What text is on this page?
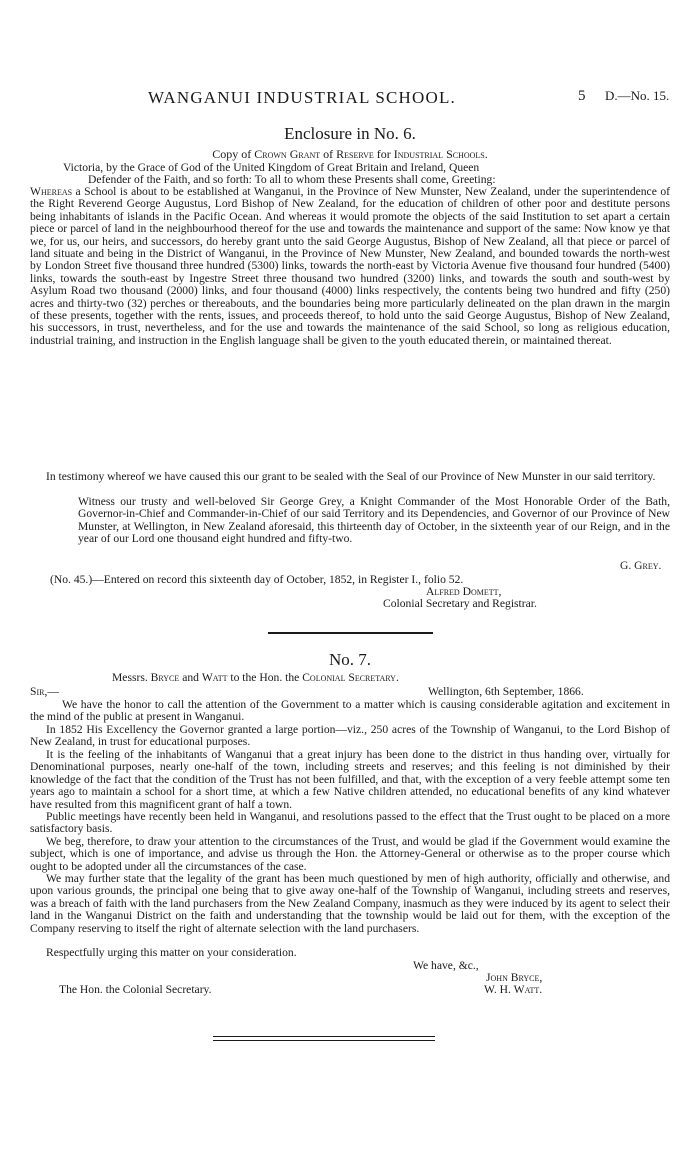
WANGANUI INDUSTRIAL SCHOOL.	5 D.—No. 15.
Enclosure in No. 6.
Copy of Crown Grant of Reserve for Industrial Schools.
Victoria, by the Grace of God of the United Kingdom of Great Britain and Ireland, Queen
Defender of the Faith, and so forth: To all to whom these Presents shall come, Greeting:
Whereas a School is about to be established at Wanganui, in the Province of New Munster, New Zealand, under the superintendence of the Right Reverend George Augustus, Lord Bishop of New Zealand, for the education of children of other poor and destitute persons being inhabitants of islands in the Pacific Ocean. And whereas it would promote the objects of the said Institution to set apart a certain piece or parcel of land in the neighbourhood thereof for the use and towards the maintenance and support of the same: Now know ye that we, for us, our heirs, and successors, do hereby grant unto the said George Augustus, Bishop of New Zealand, all that piece or parcel of land situate and being in the District of Wanganui, in the Province of New Munster, New Zealand, and bounded towards the north-west by London Street five thousand three hundred (5300) links, towards the north-east by Victoria Avenue five thousand four hundred (5400) links, towards the south-east by Ingestre Street three thousand two hundred (3200) links, and towards the south and south-west by Asylum Road two thousand (2000) links, and four thousand (4000) links respectively, the contents being two hundred and fifty (250) acres and thirty-two (32) perches or thereabouts, and the boundaries being more particularly delineated on the plan drawn in the margin of these presents, together with the rents, issues, and proceeds thereof, to hold unto the said George Augustus, Bishop of New Zealand, his successors, in trust, nevertheless, and for the use and towards the maintenance of the said School, so long as religious education, industrial training, and instruction in the English language shall be given to the youth educated therein, or maintained thereat.
In testimony whereof we have caused this our grant to be sealed with the Seal of our Province of New Munster in our said territory.
Witness our trusty and well-beloved Sir George Grey, a Knight Commander of the Most Honorable Order of the Bath, Governor-in-Chief and Commander-in-Chief of our said Territory and its Dependencies, and Governor of our Province of New Munster, at Wellington, in New Zealand aforesaid, this thirteenth day of October, in the sixteenth year of our Reign, and in the year of our Lord one thousand eight hundred and fifty-two.
G. Grey.
(No. 45.)—Entered on record this sixteenth day of October, 1852, in Register I., folio 52.
Alfred Domett,
Colonial Secretary and Registrar.
No. 7.
Messrs. Bryce and Watt to the Hon. the Colonial Secretary.
Sir,—	Wellington, 6th September, 1866.
We have the honor to call the attention of the Government to a matter which is causing considerable agitation and excitement in the mind of the public at present in Wanganui.
In 1852 His Excellency the Governor granted a large portion—viz., 250 acres of the Township of Wanganui, to the Lord Bishop of New Zealand, in trust for educational purposes.
It is the feeling of the inhabitants of Wanganui that a great injury has been done to the district in thus handing over, virtually for Denominational purposes, nearly one-half of the town, including streets and reserves; and this feeling is not diminished by their knowledge of the fact that the condition of the Trust has not been fulfilled, and that, with the exception of a very feeble attempt some ten years ago to maintain a school for a short time, at which a few Native children attended, no educational benefits of any kind whatever have resulted from this magnificent grant of half a town.
Public meetings have recently been held in Wanganui, and resolutions passed to the effect that the Trust ought to be placed on a more satisfactory basis.
We beg, therefore, to draw your attention to the circumstances of the Trust, and would be glad if the Government would examine the subject, which is one of importance, and advise us through the Hon. the Attorney-General or otherwise as to the proper course which ought to be adopted under all the circumstances of the case.
We may further state that the legality of the grant has been much questioned by men of high authority, officially and otherwise, and upon various grounds, the principal one being that to give away one-half of the Township of Wanganui, including streets and reserves, was a breach of faith with the land purchasers from the New Zealand Company, inasmuch as they were induced by its agent to select their land in the Wanganui District on the faith and understanding that the township would be laid out for them, with the exception of the Company reserving to itself the right of alternate selection with the land purchasers.
Respectfully urging this matter on your consideration.
We have, &c.,
John Bryce,
The Hon. the Colonial Secretary.	W. H. Watt.
